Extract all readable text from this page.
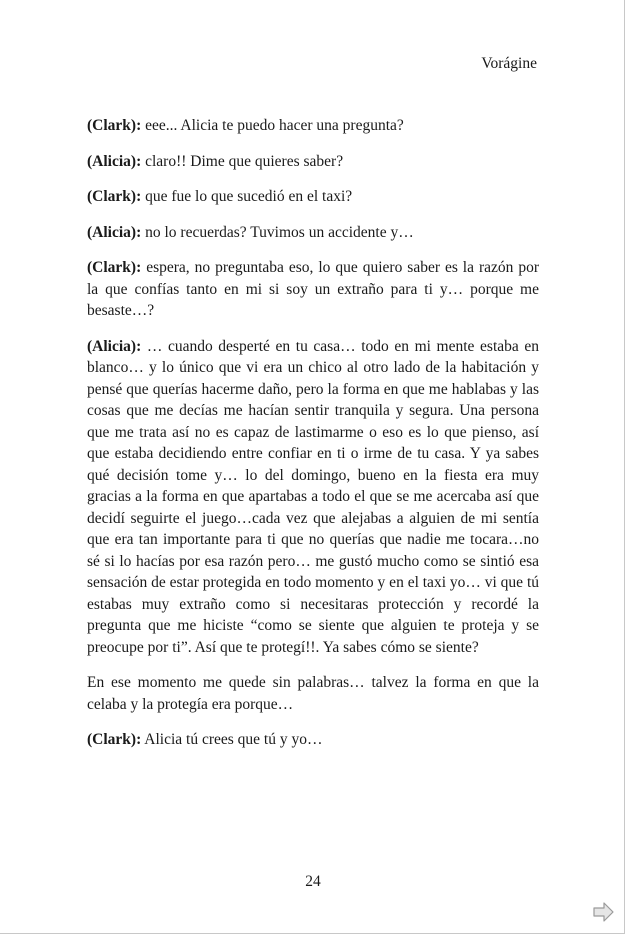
Vorágine

(Clark): eee... Alicia te puedo hacer una pregunta?

(Alicia): claro!! Dime que quieres saber?

(Clark): que fue lo que sucedió en el taxi?

(Alicia): no lo recuerdas? Tuvimos un accidente y…

(Clark): espera, no preguntaba eso, lo que quiero saber es la razón por la que confías tanto en mi si soy un extraño para ti y… porque me besaste…?

(Alicia): … cuando desperté en tu casa… todo en mi mente estaba en blanco… y lo único que vi era un chico al otro lado de la habitación y pensé que querías hacerme daño, pero la forma en que me hablabas y las cosas que me decías me hacían sentir tranquila y segura. Una persona que me trata así no es capaz de lastimarme o eso es lo que pienso, así que estaba decidiendo entre confiar en ti o irme de tu casa. Y ya sabes qué decisión tome y… lo del domingo, bueno en la fiesta era muy gracias a la forma en que apartabas a todo el que se me acercaba así que decidí seguirte el juego…cada vez que alejabas a alguien de mi sentía que era tan importante para ti que no querías que nadie me tocara…no sé si lo hacías por esa razón pero… me gustó mucho como se sintió esa sensación de estar protegida en todo momento y en el taxi yo… vi que tú estabas muy extraño como si necesitaras protección y recordé la pregunta que me hiciste “como se siente que alguien te proteja y se preocupe por ti”. Así que te protegí!!. Ya sabes cómo se siente?

En ese momento me quede sin palabras… talvez la forma en que la celaba y la protegía era porque…

(Clark): Alicia tú crees que tú y yo…

24
